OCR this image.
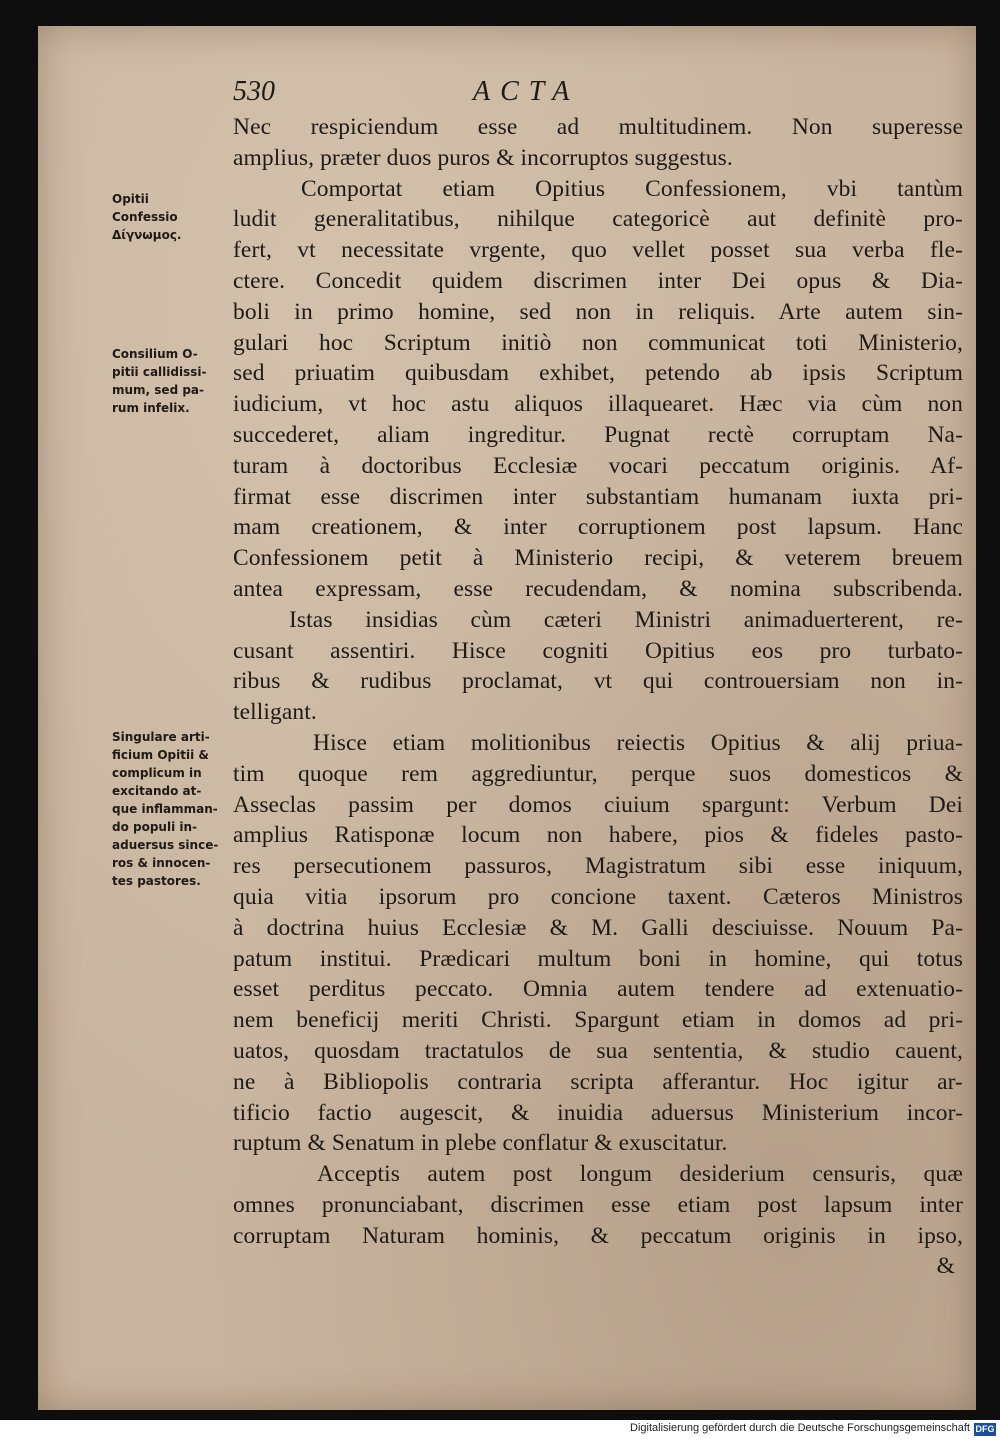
530	ACTA
Opitii
Confessio
Δίγνωμος.
Consilium O-
pitii callidissi-
mum, sed pa-
rum infelix.
Singulare arti-
ficium Opitii &
complicum in
excitando at-
que inflamman-
do populi in-
aduersus since-
ros & innocen-
tes pastores.
Nec respiciendum esse ad multitudinem. Non superesse
amplius, præter duos puros & incorruptos suggestus.
Comportat etiam Opitius Confessionem, vbi tantùm
ludit generalitatibus, nihilque categoricè aut definitè pro-
fert, vt necessitate vrgente, quo vellet posset sua verba fle-
ctere. Concedit quidem discrimen inter Dei opus & Dia-
boli in primo homine, sed non in reliquis. Arte autem sin-
gulari hoc Scriptum initiò non communicat toti Ministerio,
sed priuatim quibusdam exhibet, petendo ab ipsis Scriptum
iudicium, vt hoc astu aliquos illaquearet. Hæc via cùm non
succederet, aliam ingreditur. Pugnat rectè corruptam Na-
turam à doctoribus Ecclesiæ vocari peccatum originis. Af-
firmat esse discrimen inter substantiam humanam iuxta pri-
mam creationem, & inter corruptionem post lapsum. Hanc
Confessionem petit à Ministerio recipi, & veterem breuem
antea expressam, esse recudendam, & nomina subscribenda.
Istas insidias cùm cæteri Ministri animaduerterent, re-
cusant assentiri. Hisce cogniti Opitius eos pro turbato-
ribus & rudibus proclamat, vt qui controuersiam non in-
telligant.
Hisce etiam molitionibus reiectis Opitius & alij priua-
tim quoque rem aggrediuntur, perque suos domesticos &
Asseclas passim per domos ciuium spargunt: Verbum Dei
amplius Ratisponæ locum non habere, pios & fideles pasto-
res persecutionem passuros, Magistratum sibi esse iniquum,
quia vitia ipsorum pro concione taxent. Cæteros Ministros
à doctrina huius Ecclesiæ & M. Galli desciuisse. Nouum Pa-
patum institui. Prædicari multum boni in homine, qui totus
esset perditus peccato. Omnia autem tendere ad extenuatio-
nem beneficij meriti Christi. Spargunt etiam in domos ad pri-
uatos, quosdam tractatulos de sua sententia, & studio cauent,
ne à Bibliopolis contraria scripta afferantur. Hoc igitur ar-
tificio factio augescit, & inuidia aduersus Ministerium incor-
ruptum & Senatum in plebe conflatur & exuscitatur.
Acceptis autem post longum desiderium censuris, quæ
omnes pronunciabant, discrimen esse etiam post lapsum inter
corruptam Naturam hominis, & peccatum originis in ipso,
&
Digitalisierung gefördert durch die Deutsche Forschungsgemeinschaft DFG
